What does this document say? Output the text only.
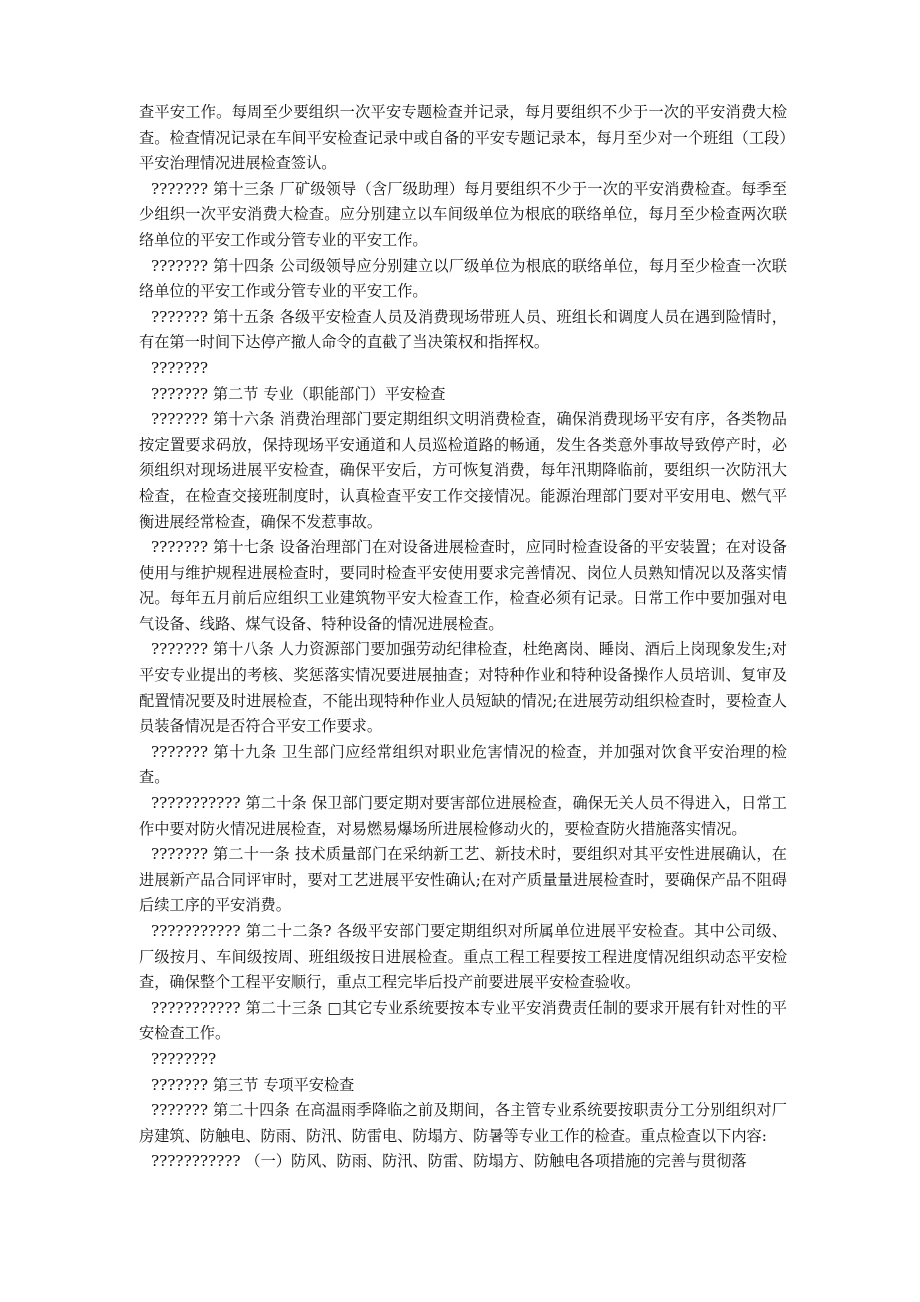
查平安工作。每周至少要组织一次平安专题检查并记录，每月要组织不少于一次的平安消费大检查。检查情况记录在车间平安检查记录中或自备的平安专题记录本，每月至少对一个班组（工段）平安治理情况进展检查签认。

??????? 第十三条 厂矿级领导（含厂级助理）每月要组织不少于一次的平安消费检查。每季至少组织一次平安消费大检查。应分别建立以车间级单位为根底的联络单位，每月至少检查两次联络单位的平安工作或分管专业的平安工作。

??????? 第十四条 公司级领导应分别建立以厂级单位为根底的联络单位，每月至少检查一次联络单位的平安工作或分管专业的平安工作。

??????? 第十五条 各级平安检查人员及消费现场带班人员、班组长和调度人员在遇到险情时，有在第一时间下达停产撤人命令的直截了当决策权和指挥权。

???????

??????? 第二节 专业（职能部门）平安检查

??????? 第十六条 消费治理部门要定期组织文明消费检查，确保消费现场平安有序，各类物品按定置要求码放，保持现场平安通道和人员巡检道路的畅通，发生各类意外事故导致停产时，必须组织对现场进展平安检查，确保平安后，方可恢复消费，每年汛期降临前，要组织一次防汛大检查，在检查交接班制度时，认真检查平安工作交接情况。能源治理部门要对平安用电、燃气平衡进展经常检查，确保不发惹事故。

??????? 第十七条 设备治理部门在对设备进展检查时，应同时检查设备的平安装置；在对设备使用与维护规程进展检查时，要同时检查平安使用要求完善情况、岗位人员熟知情况以及落实情况。每年五月前后应组织工业建筑物平安大检查工作，检查必须有记录。日常工作中要加强对电气设备、线路、煤气设备、特种设备的情况进展检查。

??????? 第十八条 人力资源部门要加强劳动纪律检查，杜绝离岗、睡岗、酒后上岗现象发生;对平安专业提出的考核、奖惩落实情况要进展抽查；对特种作业和特种设备操作人员培训、复审及配置情况要及时进展检查，不能出现特种作业人员短缺的情况;在进展劳动组织检查时，要检查人员装备情况是否符合平安工作要求。

??????? 第十九条 卫生部门应经常组织对职业危害情况的检查，并加强对饮食平安治理的检查。

??????????? 第二十条 保卫部门要定期对要害部位进展检查，确保无关人员不得进入，日常工作中要对防火情况进展检查，对易燃易爆场所进展检修动火的，要检查防火措施落实情况。

??????? 第二十一条 技术质量部门在采纳新工艺、新技术时，要组织对其平安性进展确认，在进展新产品合同评审时，要对工艺进展平安性确认;在对产质量量进展检查时，要确保产品不阻碍后续工序的平安消费。

??????????? 第二十二条? 各级平安部门要定期组织对所属单位进展平安检查。其中公司级、厂级按月、车间级按周、班组级按日进展检查。重点工程工程要按工程进度情况组织动态平安检查，确保整个工程平安顺行，重点工程完毕后投产前要进展平安检查验收。

??????????? 第二十三条 □其它专业系统要按本专业平安消费责任制的要求开展有针对性的平安检查工作。

????????

??????? 第三节 专项平安检查

??????? 第二十四条 在高温雨季降临之前及期间，各主管专业系统要按职责分工分别组织对厂房建筑、防触电、防雨、防汛、防雷电、防塌方、防暑等专业工作的检查。重点检查以下内容:

??????????? （一）防风、防雨、防汛、防雷、防塌方、防触电各项措施的完善与贯彻落
